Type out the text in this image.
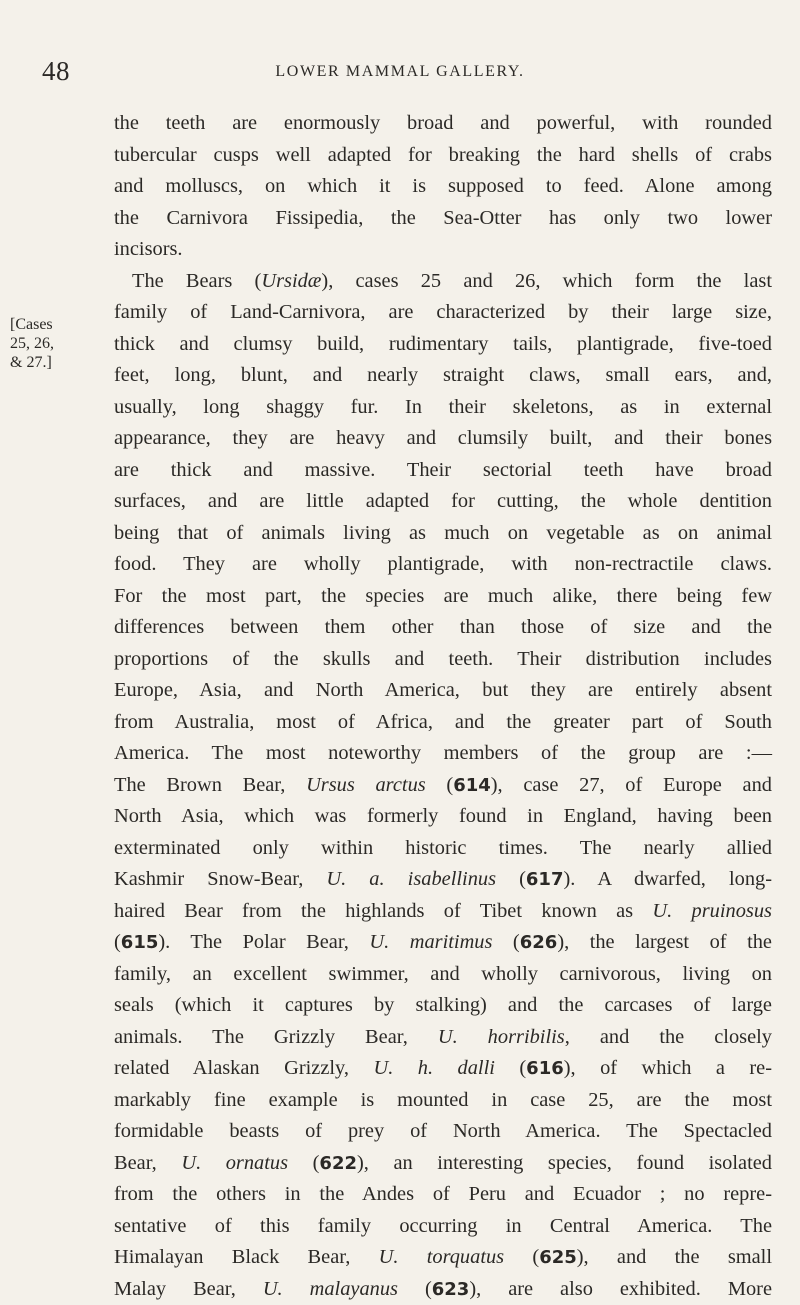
48	LOWER MAMMAL GALLERY.
[Cases
25, 26,
& 27.]
the teeth are enormously broad and powerful, with rounded
tubercular cusps well adapted for breaking the hard shells of crabs
and molluscs, on which it is supposed to feed. Alone among
the Carnivora Fissipedia, the Sea-Otter has only two lower
incisors.
The Bears (Ursidæ), cases 25 and 26, which form the last
family of Land-Carnivora, are characterized by their large size,
thick and clumsy build, rudimentary tails, plantigrade, five-toed
feet, long, blunt, and nearly straight claws, small ears, and,
usually, long shaggy fur. In their skeletons, as in external
appearance, they are heavy and clumsily built, and their bones
are thick and massive. Their sectorial teeth have broad
surfaces, and are little adapted for cutting, the whole dentition
being that of animals living as much on vegetable as on animal
food. They are wholly plantigrade, with non-rectractile claws.
For the most part, the species are much alike, there being few
differences between them other than those of size and the
proportions of the skulls and teeth. Their distribution includes
Europe, Asia, and North America, but they are entirely absent
from Australia, most of Africa, and the greater part of South
America. The most noteworthy members of the group are :—
The Brown Bear, Ursus arctus (614), case 27, of Europe and
North Asia, which was formerly found in England, having been
exterminated only within historic times. The nearly allied
Kashmir Snow-Bear, U. a. isabellinus (617). A dwarfed, long-
haired Bear from the highlands of Tibet known as U. pruinosus
(615). The Polar Bear, U. maritimus (626), the largest of the
family, an excellent swimmer, and wholly carnivorous, living on
seals (which it captures by stalking) and the carcases of large
animals. The Grizzly Bear, U. horribilis, and the closely
related Alaskan Grizzly, U. h. dalli (616), of which a re-
markably fine example is mounted in case 25, are the most
formidable beasts of prey of North America. The Spectacled
Bear, U. ornatus (622), an interesting species, found isolated
from the others in the Andes of Peru and Ecuador ; no repre-
sentative of this family occurring in Central America. The
Himalayan Black Bear, U. torquatus (625), and the small
Malay Bear, U. malayanus (623), are also exhibited. More
